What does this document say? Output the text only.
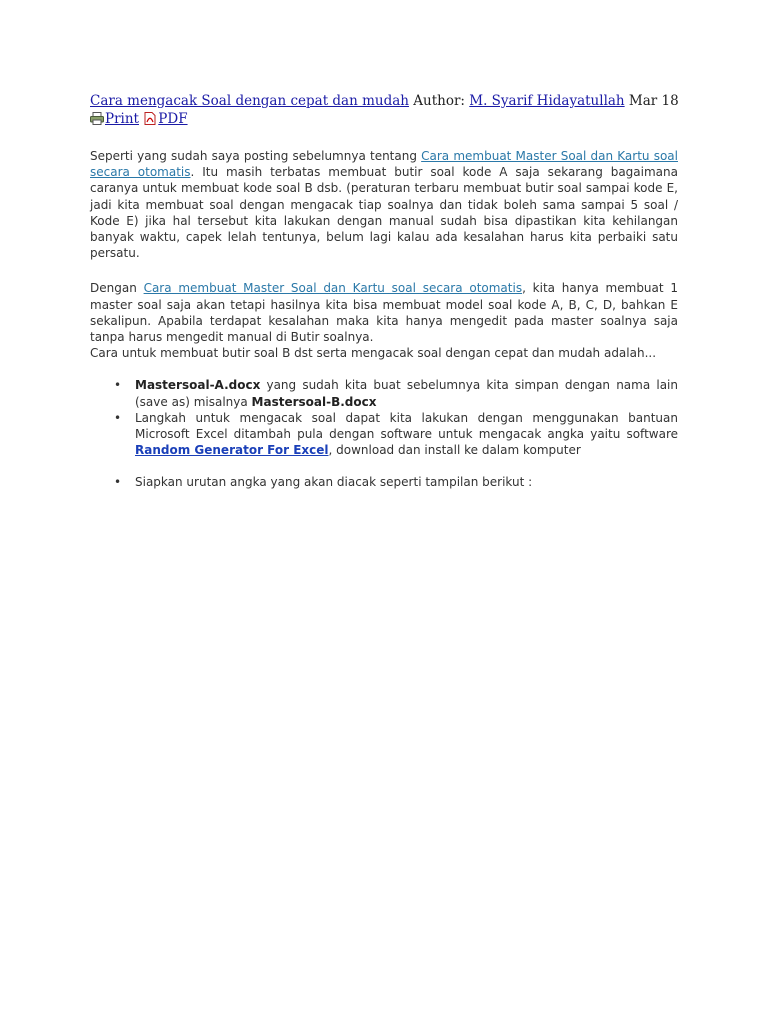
Cara mengacak Soal dengan cepat dan mudah Author: M. Syarif Hidayatullah Mar 18
Print PDF
Seperti yang sudah saya posting sebelumnya tentang Cara membuat Master Soal dan Kartu soal secara otomatis. Itu masih terbatas membuat butir soal kode A saja sekarang bagaimana caranya untuk membuat kode soal B dsb. (peraturan terbaru membuat butir soal sampai kode E, jadi kita membuat soal dengan mengacak tiap soalnya dan tidak boleh sama sampai 5 soal / Kode E) jika hal tersebut kita lakukan dengan manual sudah bisa dipastikan kita kehilangan banyak waktu, capek lelah tentunya, belum lagi kalau ada kesalahan harus kita perbaiki satu persatu.
Dengan Cara membuat Master Soal dan Kartu soal secara otomatis, kita hanya membuat 1 master soal saja akan tetapi hasilnya kita bisa membuat model soal kode A, B, C, D, bahkan E sekalipun. Apabila terdapat kesalahan maka kita hanya mengedit pada master soalnya saja tanpa harus mengedit manual di Butir soalnya.
Cara untuk membuat butir soal B dst serta mengacak soal dengan cepat dan mudah adalah...
• Mastersoal-A.docx yang sudah kita buat sebelumnya kita simpan dengan nama lain (save as) misalnya Mastersoal-B.docx
• Langkah untuk mengacak soal dapat kita lakukan dengan menggunakan bantuan Microsoft Excel ditambah pula dengan software untuk mengacak angka yaitu software Random Generator For Excel, download dan install ke dalam komputer
• Siapkan urutan angka yang akan diacak seperti tampilan berikut :
